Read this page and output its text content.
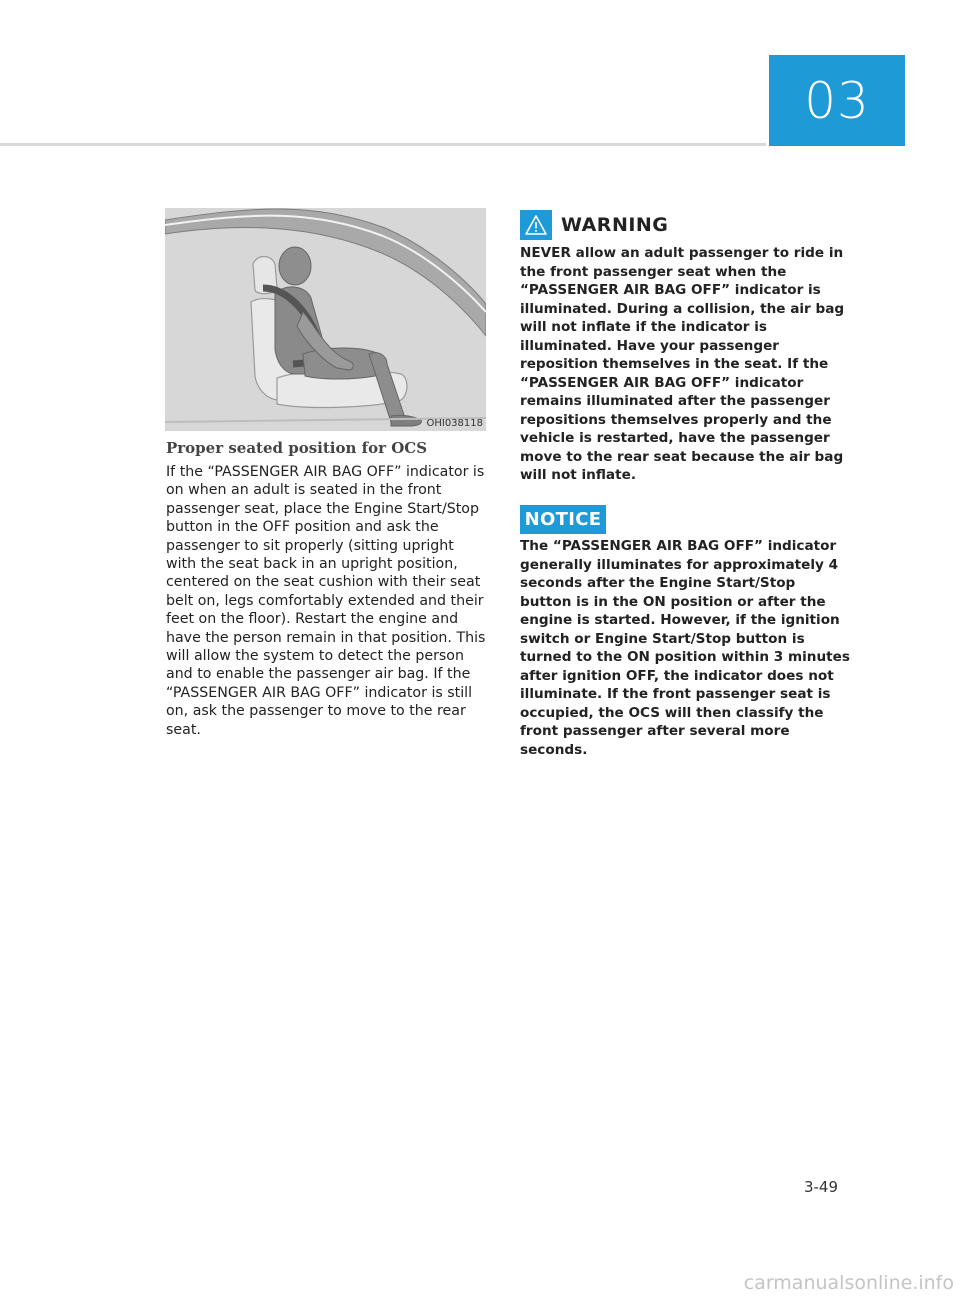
03
OHI038118
Proper seated position for OCS

If the “PASSENGER AIR BAG OFF” indicator is on when an adult is seated in the front passenger seat, place the Engine Start/Stop button in the OFF position and ask the passenger to sit properly (sitting upright with the seat back in an upright position, centered on the seat cushion with their seat belt on, legs comfortably extended and their feet on the floor). Restart the engine and have the person remain in that position. This will allow the system to detect the person and to enable the passenger air bag. If the “PASSENGER AIR BAG OFF” indicator is still on, ask the passenger to move to the rear seat.

WARNING

NEVER allow an adult passenger to ride in the front passenger seat when the “PASSENGER AIR BAG OFF” indicator is illuminated. During a collision, the air bag will not inflate if the indicator is illuminated. Have your passenger reposition themselves in the seat. If the “PASSENGER AIR BAG OFF” indicator remains illuminated after the passenger repositions themselves properly and the vehicle is restarted, have the passenger move to the rear seat because the air bag will not inflate.

NOTICE

The “PASSENGER AIR BAG OFF” indicator generally illuminates for approximately 4 seconds after the Engine Start/Stop button is in the ON position or after the engine is started. However, if the ignition switch or Engine Start/Stop button is turned to the ON position within 3 minutes after ignition OFF, the indicator does not illuminate. If the front passenger seat is occupied, the OCS will then classify the front passenger after several more seconds.

3-49
carmanualsonline.info
